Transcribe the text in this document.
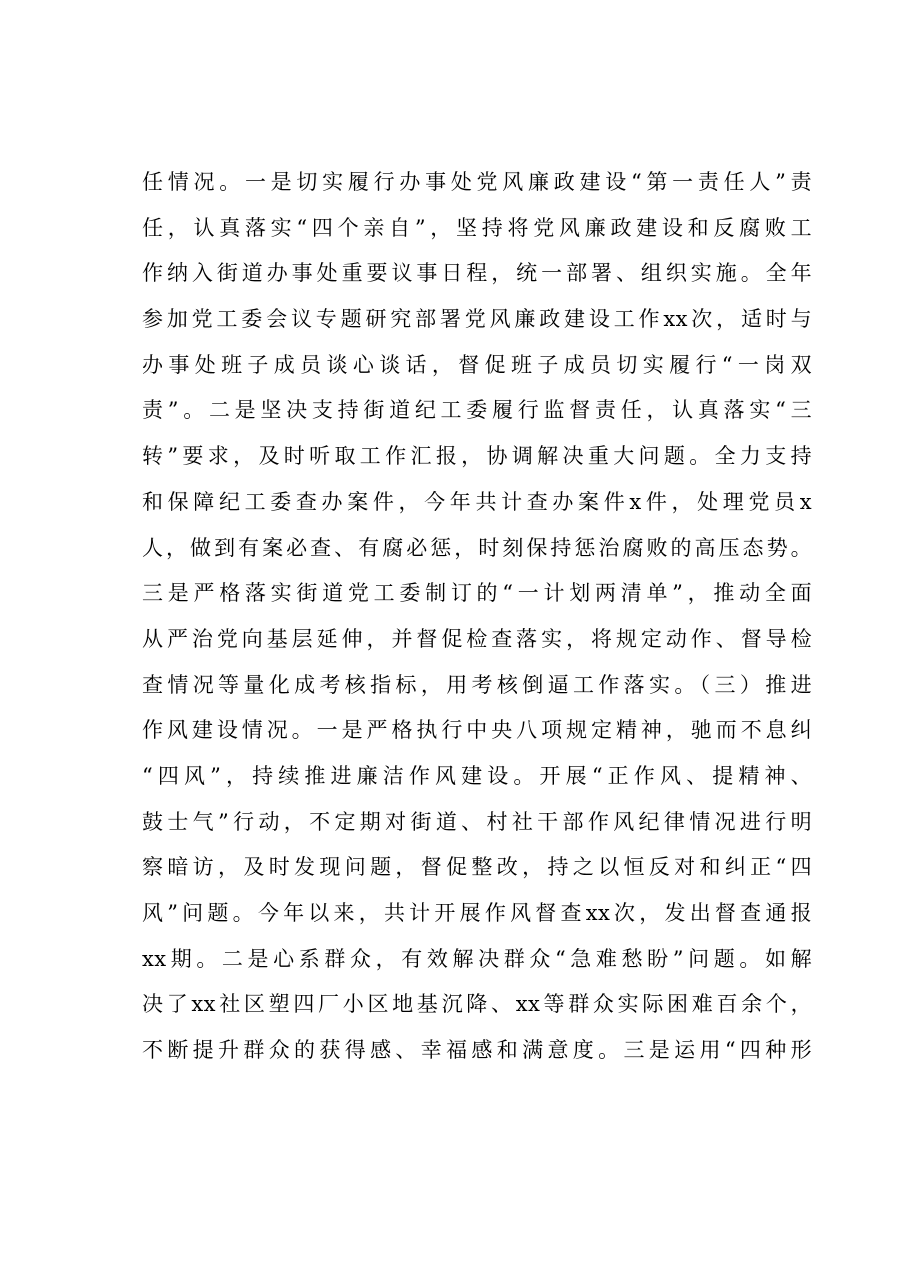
任情况。一是切实履行办事处党风廉政建设“第一责任人”责
任，认真落实“四个亲自”，坚持将党风廉政建设和反腐败工
作纳入街道办事处重要议事日程，统一部署、组织实施。全年
参加党工委会议专题研究部署党风廉政建设工作xx次，适时与
办事处班子成员谈心谈话，督促班子成员切实履行“一岗双
责”。二是坚决支持街道纪工委履行监督责任，认真落实“三
转”要求，及时听取工作汇报，协调解决重大问题。全力支持
和保障纪工委查办案件，今年共计查办案件x件，处理党员x
人，做到有案必查、有腐必惩，时刻保持惩治腐败的高压态势。
三是严格落实街道党工委制订的“一计划两清单”，推动全面
从严治党向基层延伸，并督促检查落实，将规定动作、督导检
查情况等量化成考核指标，用考核倒逼工作落实。（三）推进
作风建设情况。一是严格执行中央八项规定精神，驰而不息纠
“四风”，持续推进廉洁作风建设。开展“正作风、提精神、
鼓士气”行动，不定期对街道、村社干部作风纪律情况进行明
察暗访，及时发现问题，督促整改，持之以恒反对和纠正“四
风”问题。今年以来，共计开展作风督查xx次，发出督查通报
xx期。二是心系群众，有效解决群众“急难愁盼”问题。如解
决了xx社区塑四厂小区地基沉降、xx等群众实际困难百余个，
不断提升群众的获得感、幸福感和满意度。三是运用“四种形
